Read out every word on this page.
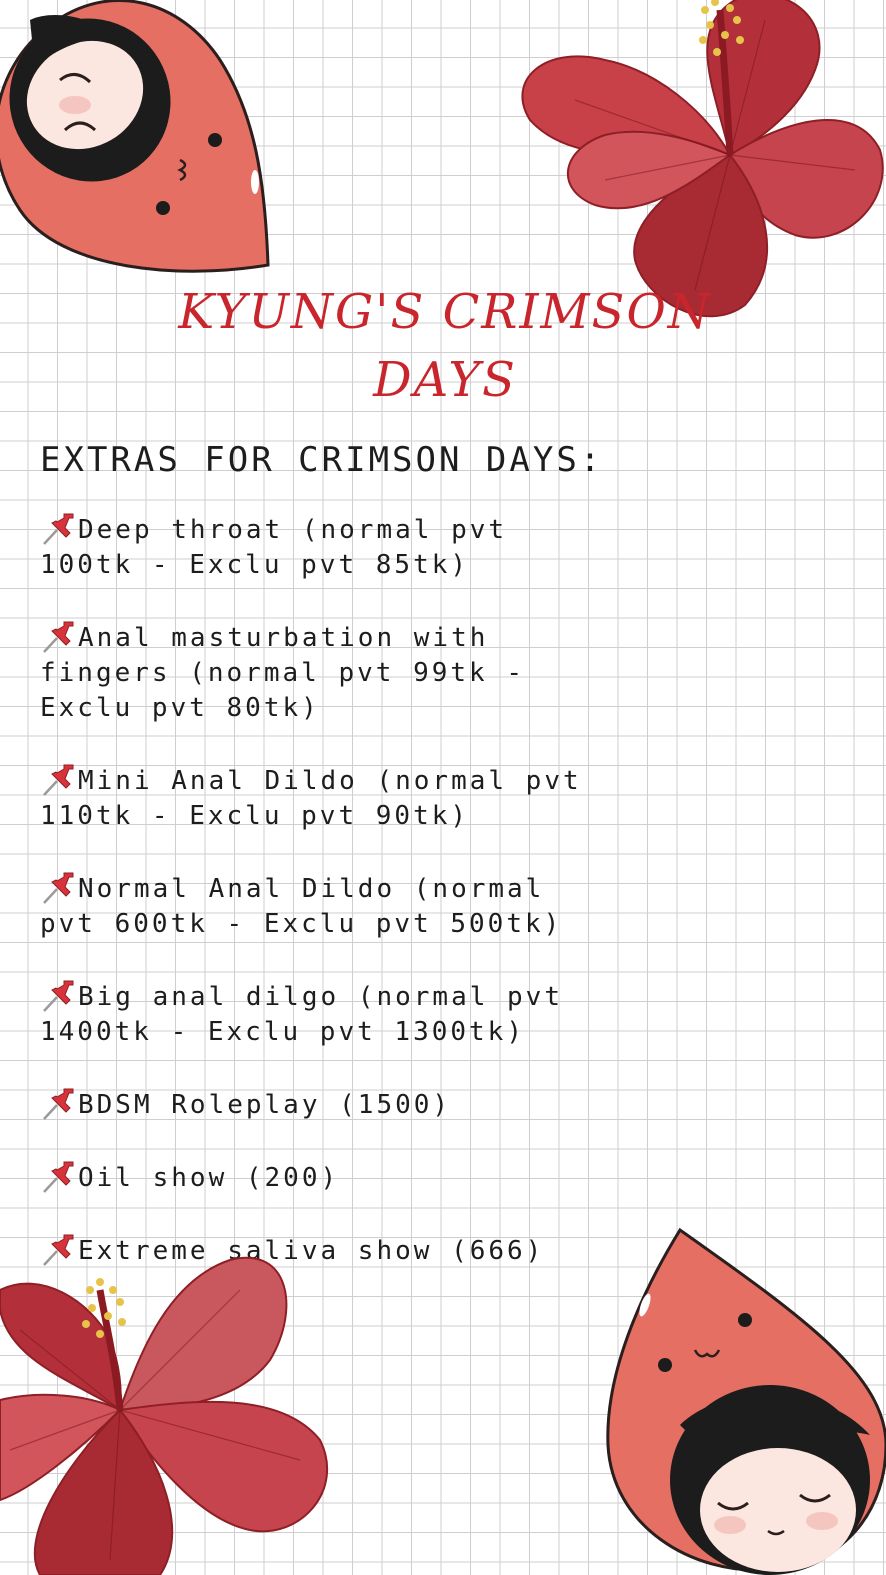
KYUNG'S CRIMSON DAYS
EXTRAS FOR CRIMSON DAYS:
Deep throat (normal pvt 100tk - Exclu pvt 85tk)
Anal masturbation with fingers (normal pvt 99tk - Exclu pvt 80tk)
Mini Anal Dildo (normal pvt 110tk - Exclu pvt 90tk)
Normal Anal Dildo (normal pvt 600tk - Exclu pvt 500tk)
Big anal dilgo (normal pvt 1400tk - Exclu pvt 1300tk)
BDSM Roleplay (1500)
Oil show (200)
Extreme saliva show (666)
